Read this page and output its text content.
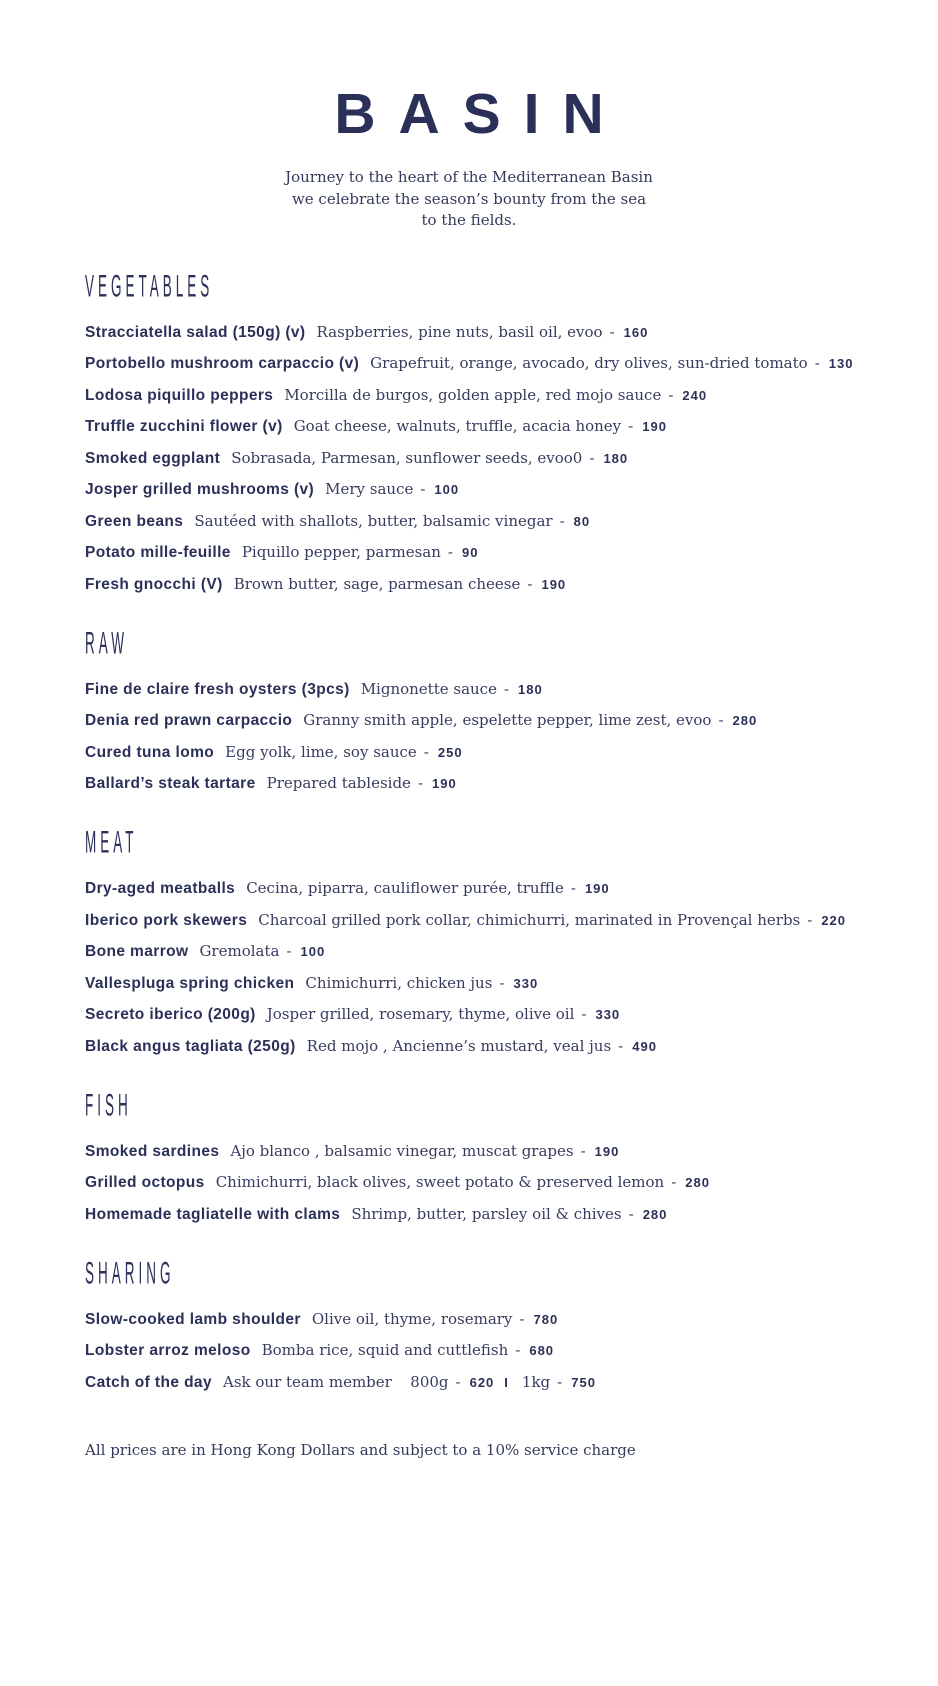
BASIN
Journey to the heart of the Mediterranean Basin
we celebrate the season’s bounty from the sea
to the fields.
VEGETABLES
Stracciatella salad (150g) (v) Raspberries, pine nuts, basil oil, evoo - 160
Portobello mushroom carpaccio (v) Grapefruit, orange, avocado, dry olives, sun-dried tomato - 130
Lodosa piquillo peppers Morcilla de burgos, golden apple, red mojo sauce - 240
Truffle zucchini flower (v) Goat cheese, walnuts, truffle, acacia honey - 190
Smoked eggplant Sobrasada, Parmesan, sunflower seeds, evoo0 - 180
Josper grilled mushrooms (v) Mery sauce - 100
Green beans Sautéed with shallots, butter, balsamic vinegar - 80
Potato mille-feuille Piquillo pepper, parmesan - 90
Fresh gnocchi (V) Brown butter, sage, parmesan cheese - 190
RAW
Fine de claire fresh oysters (3pcs) Mignonette sauce - 180
Denia red prawn carpaccio Granny smith apple, espelette pepper, lime zest, evoo - 280
Cured tuna lomo Egg yolk, lime, soy sauce - 250
Ballard’s steak tartare Prepared tableside - 190
MEAT
Dry-aged meatballs Cecina, piparra, cauliflower purée, truffle - 190
Iberico pork skewers Charcoal grilled pork collar, chimichurri, marinated in Provençal herbs - 220
Bone marrow Gremolata - 100
Vallespluga spring chicken Chimichurri, chicken jus - 330
Secreto iberico (200g) Josper grilled, rosemary, thyme, olive oil - 330
Black angus tagliata (250g) Red mojo , Ancienne’s mustard, veal jus - 490
FISH
Smoked sardines Ajo blanco , balsamic vinegar, muscat grapes - 190
Grilled octopus Chimichurri, black olives, sweet potato & preserved lemon - 280
Homemade tagliatelle with clams Shrimp, butter, parsley oil & chives - 280
SHARING
Slow-cooked lamb shoulder Olive oil, thyme, rosemary - 780
Lobster arroz meloso Bomba rice, squid and cuttlefish - 680
Catch of the day Ask our team member 800g - 620 I 1kg - 750

All prices are in Hong Kong Dollars and subject to a 10% service charge
